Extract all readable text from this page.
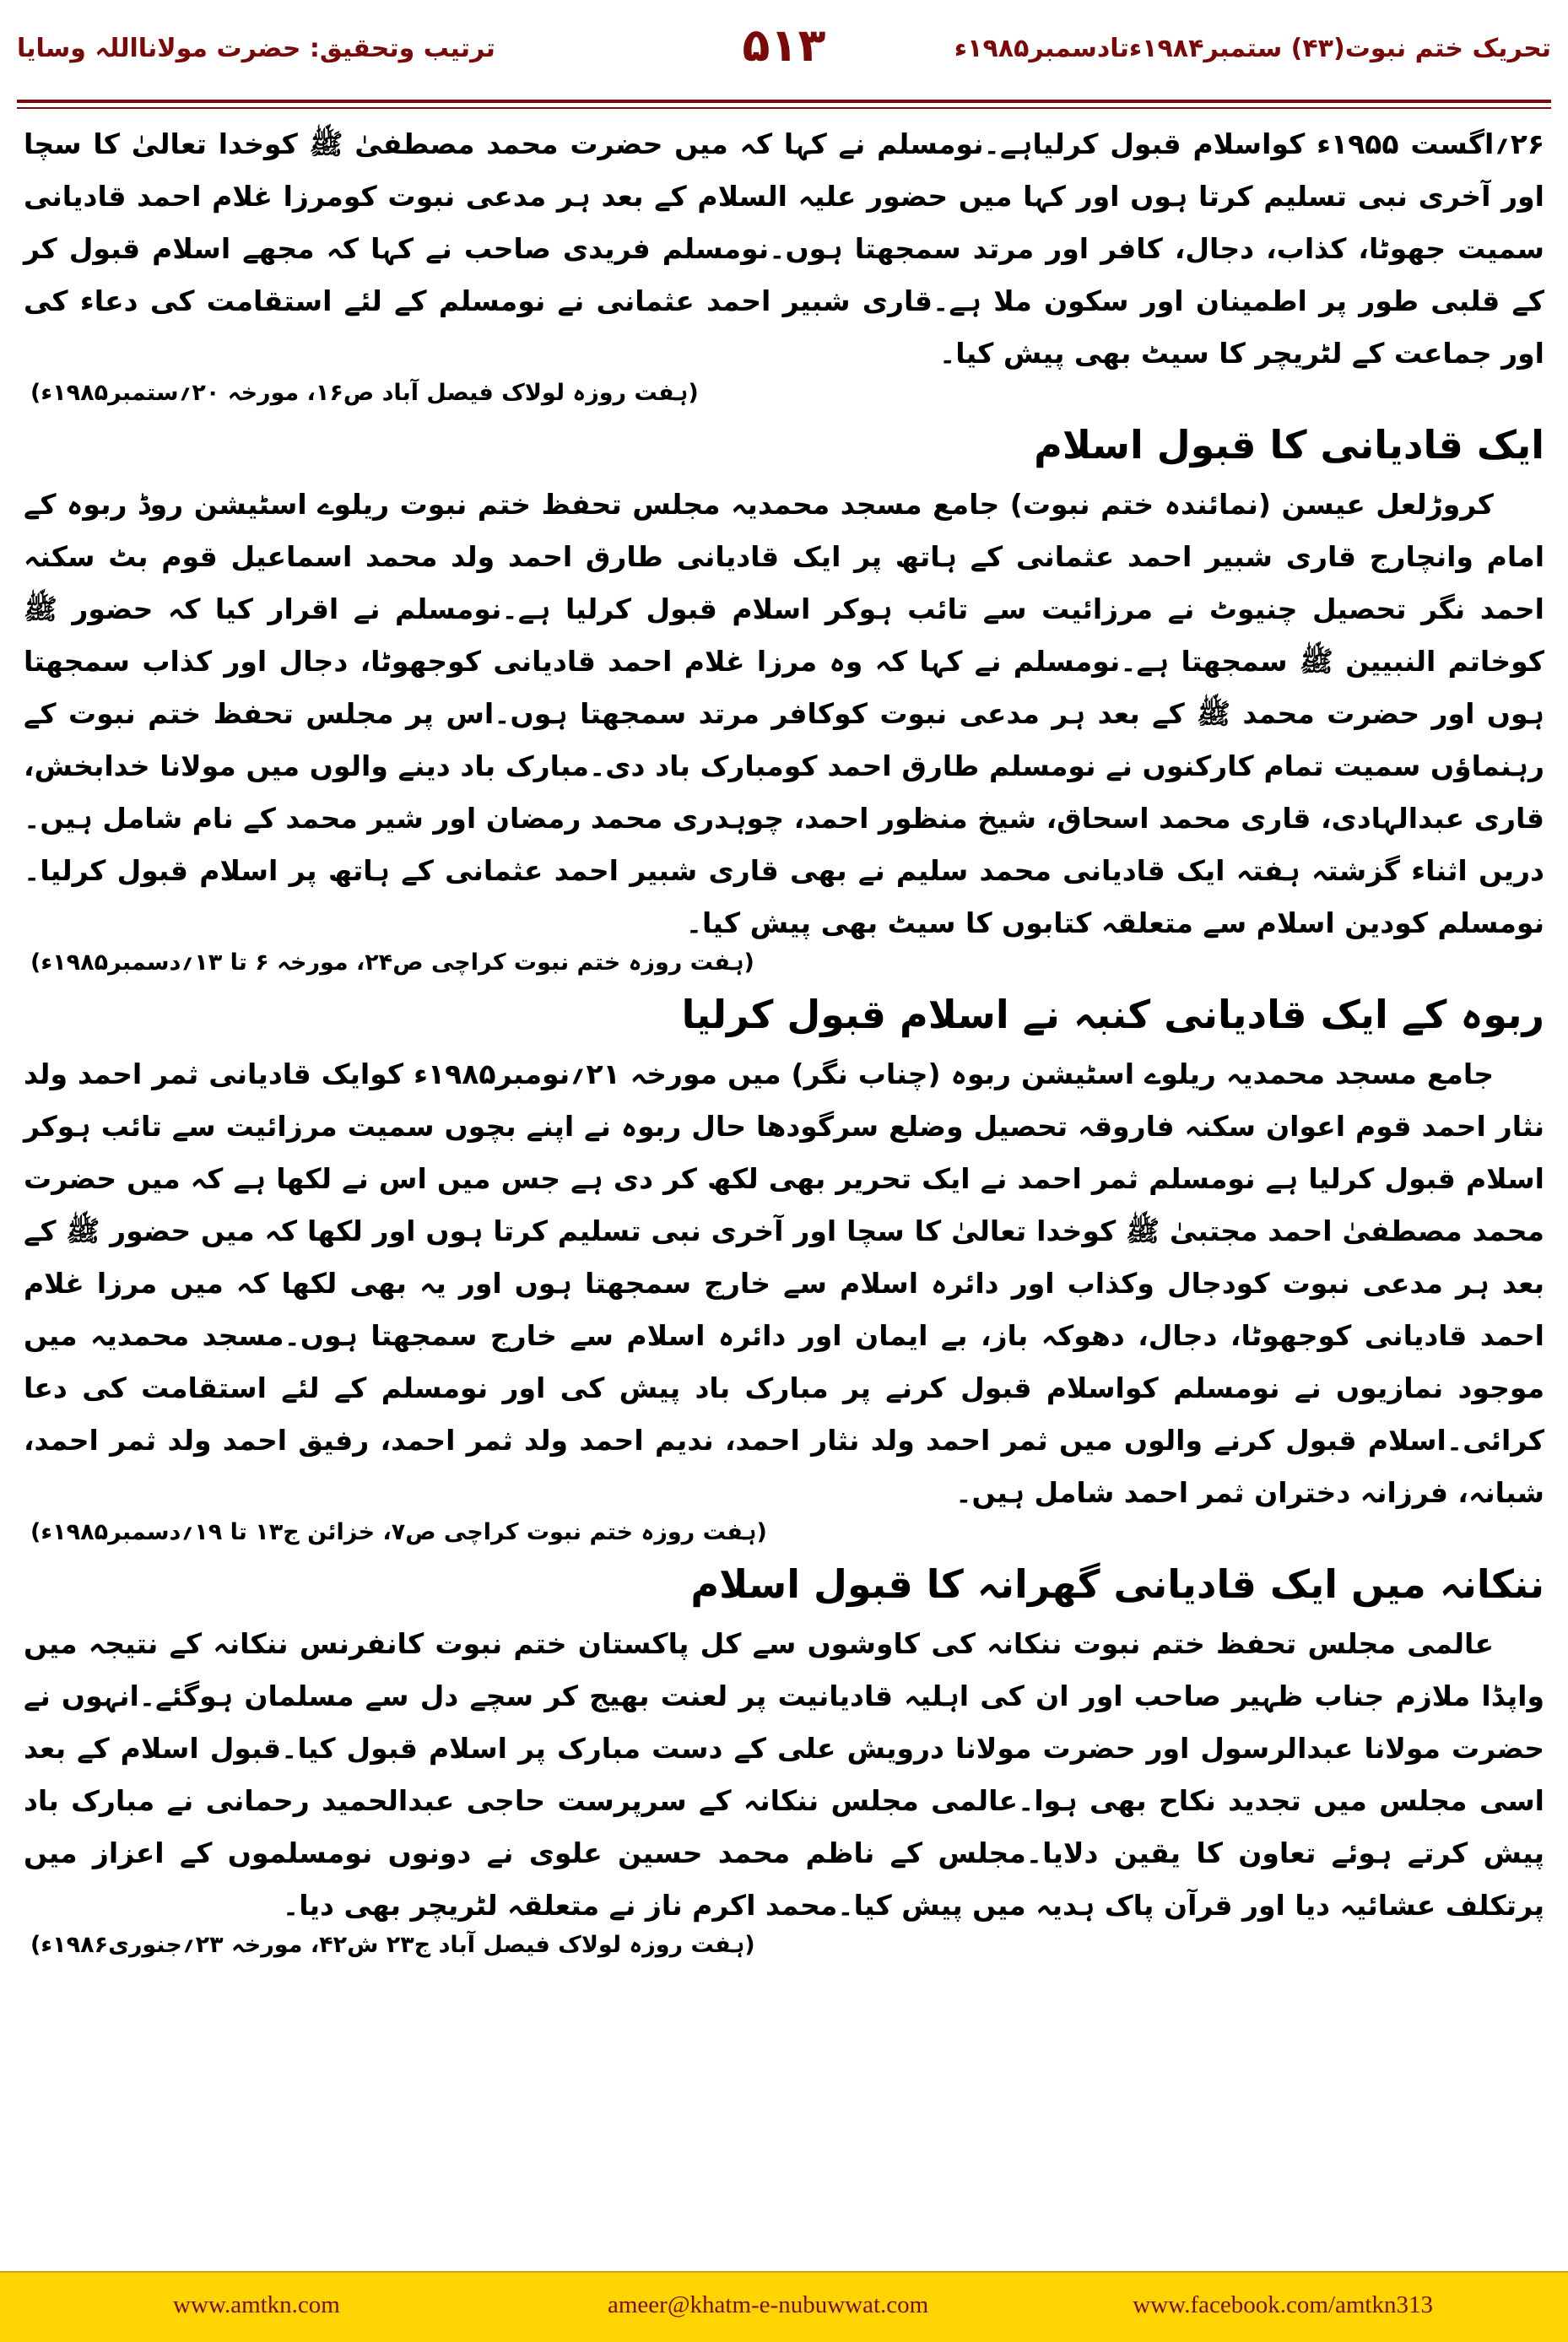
تحریک ختم نبوت(۴۳) ستمبر۱۹۸۴ءتادسمبر۱۹۸۵ء
۵۱۳
ترتیب وتحقیق: حضرت مولانااللہ وسایا

۲۶؍اگست ۱۹۵۵ء کواسلام قبول کرلیاہے۔نومسلم نے کہا کہ میں حضرت محمد مصطفیٰ ﷺ کوخدا تعالیٰ کا سچا اور آخری نبی تسلیم کرتا ہوں اور کہا میں حضور علیہ السلام کے بعد ہر مدعی نبوت کومرزا غلام احمد قادیانی سمیت جھوٹا، کذاب، دجال، کافر اور مرتد سمجھتا ہوں۔نومسلم فریدی صاحب نے کہا کہ مجھے اسلام قبول کر کے قلبی طور پر اطمینان اور سکون ملا ہے۔قاری شبیر احمد عثمانی نے نومسلم کے لئے استقامت کی دعاء کی اور جماعت کے لٹریچر کا سیٹ بھی پیش کیا۔

(ہفت روزہ لولاک فیصل آباد ص۱۶، مورخہ ۲۰؍ستمبر۱۹۸۵ء)
ایک قادیانی کا قبول اسلام

کروڑلعل عیسن (نمائندہ ختم نبوت) جامع مسجد محمدیہ مجلس تحفظ ختم نبوت ریلوے اسٹیشن روڈ ربوہ کے امام وانچارج قاری شبیر احمد عثمانی کے ہاتھ پر ایک قادیانی طارق احمد ولد محمد اسماعیل قوم بٹ سکنہ احمد نگر تحصیل چنیوٹ نے مرزائیت سے تائب ہوکر اسلام قبول کرلیا ہے۔نومسلم نے اقرار کیا کہ حضور ﷺ کوخاتم النبیین ﷺ سمجھتا ہے۔نومسلم نے کہا کہ وہ مرزا غلام احمد قادیانی کوجھوٹا، دجال اور کذاب سمجھتا ہوں اور حضرت محمد ﷺ کے بعد ہر مدعی نبوت کوکافر مرتد سمجھتا ہوں۔اس پر مجلس تحفظ ختم نبوت کے رہنماؤں سمیت تمام کارکنوں نے نومسلم طارق احمد کومبارک باد دی۔مبارک باد دینے والوں میں مولانا خدابخش، قاری عبدالہادی، قاری محمد اسحاق، شیخ منظور احمد، چوہدری محمد رمضان اور شیر محمد کے نام شامل ہیں۔دریں اثناء گزشتہ ہفتہ ایک قادیانی محمد سلیم نے بھی قاری شبیر احمد عثمانی کے ہاتھ پر اسلام قبول کرلیا۔نومسلم کودین اسلام سے متعلقہ کتابوں کا سیٹ بھی پیش کیا۔

(ہفت روزہ ختم نبوت کراچی ص۲۴، مورخہ ۶ تا ۱۳؍دسمبر۱۹۸۵ء)
ربوہ کے ایک قادیانی کنبہ نے اسلام قبول کرلیا

جامع مسجد محمدیہ ریلوے اسٹیشن ربوہ (چناب نگر) میں مورخہ ۲۱؍نومبر۱۹۸۵ء کوایک قادیانی ثمر احمد ولد نثار احمد قوم اعوان سکنہ فاروقہ تحصیل وضلع سرگودھا حال ربوہ نے اپنے بچوں سمیت مرزائیت سے تائب ہوکر اسلام قبول کرلیا ہے نومسلم ثمر احمد نے ایک تحریر بھی لکھ کر دی ہے جس میں اس نے لکھا ہے کہ میں حضرت محمد مصطفیٰ احمد مجتبیٰ ﷺ کوخدا تعالیٰ کا سچا اور آخری نبی تسلیم کرتا ہوں اور لکھا کہ میں حضور ﷺ کے بعد ہر مدعی نبوت کودجال وکذاب اور دائرہ اسلام سے خارج سمجھتا ہوں اور یہ بھی لکھا کہ میں مرزا غلام احمد قادیانی کوجھوٹا، دجال، دھوکہ باز، بے ایمان اور دائرہ اسلام سے خارج سمجھتا ہوں۔مسجد محمدیہ میں موجود نمازیوں نے نومسلم کواسلام قبول کرنے پر مبارک باد پیش کی اور نومسلم کے لئے استقامت کی دعا کرائی۔اسلام قبول کرنے والوں میں ثمر احمد ولد نثار احمد، ندیم احمد ولد ثمر احمد، رفیق احمد ولد ثمر احمد، شبانہ، فرزانہ دختران ثمر احمد شامل ہیں۔

(ہفت روزہ ختم نبوت کراچی ص۷، خزائن ج۱۳ تا ۱۹؍دسمبر۱۹۸۵ء)
ننکانہ میں ایک قادیانی گھرانہ کا قبول اسلام

عالمی مجلس تحفظ ختم نبوت ننکانہ کی کاوشوں سے کل پاکستان ختم نبوت کانفرنس ننکانہ کے نتیجہ میں واپڈا ملازم جناب ظہیر صاحب اور ان کی اہلیہ قادیانیت پر لعنت بھیج کر سچے دل سے مسلمان ہوگئے۔انہوں نے حضرت مولانا عبدالرسول اور حضرت مولانا درویش علی کے دست مبارک پر اسلام قبول کیا۔قبول اسلام کے بعد اسی مجلس میں تجدید نکاح بھی ہوا۔عالمی مجلس ننکانہ کے سرپرست حاجی عبدالحمید رحمانی نے مبارک باد پیش کرتے ہوئے تعاون کا یقین دلایا۔مجلس کے ناظم محمد حسین علوی نے دونوں نومسلموں کے اعزاز میں پرتکلف عشائیہ دیا اور قرآن پاک ہدیہ میں پیش کیا۔محمد اکرم ناز نے متعلقہ لٹریچر بھی دیا۔

(ہفت روزہ لولاک فیصل آباد ج۲۳ ش۴۲، مورخہ ۲۳؍جنوری۱۹۸۶ء)
www.amtkn.com	ameer@khatm-e-nubuwwat.com	www.facebook.com/amtkn313
